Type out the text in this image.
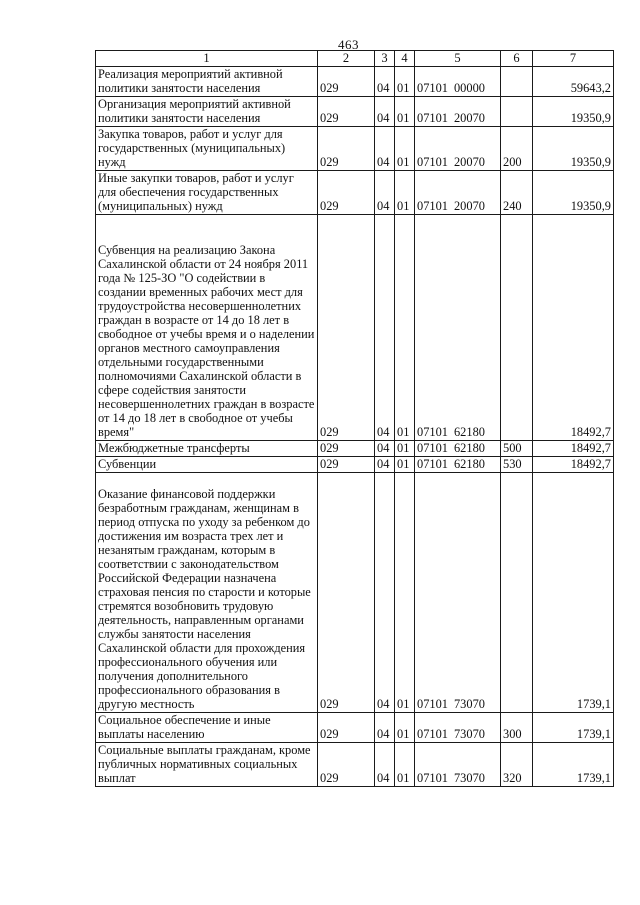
463
1	2	3	4	5	6	7
Реализация мероприятий активной политики занятости населения	029	04	01	07101 00000		59643,2
Организация мероприятий активной политики занятости населения	029	04	01	07101 20070		19350,9
Закупка товаров, работ и услуг для государственных (муниципальных) нужд	029	04	01	07101 20070	200	19350,9
Иные закупки товаров, работ и услуг для обеспечения государственных (муниципальных) нужд	029	04	01	07101 20070	240	19350,9
Субвенция на реализацию Закона Сахалинской области от 24 ноября 2011 года № 125-ЗО "О содействии в создании временных рабочих мест для трудоустройства несовершеннолетних граждан в возрасте от 14 до 18 лет в свободное от учебы время и о наделении органов местного самоуправления отдельными государственными полномочиями Сахалинской области в сфере содействия занятости несовершеннолетних граждан в возрасте от 14 до 18 лет в свободное от учебы время"	029	04	01	07101 62180		18492,7
Межбюджетные трансферты	029	04	01	07101 62180	500	18492,7
Субвенции	029	04	01	07101 62180	530	18492,7
Оказание финансовой поддержки безработным гражданам, женщинам в период отпуска по уходу за ребенком до достижения им возраста трех лет и незанятым гражданам, которым в соответствии с законодательством Российской Федерации назначена страховая пенсия по старости и которые стремятся возобновить трудовую деятельность, направленным органами службы занятости населения Сахалинской области для прохождения профессионального обучения или получения дополнительного профессионального образования в другую местность	029	04	01	07101 73070		1739,1
Социальное обеспечение и иные выплаты населению	029	04	01	07101 73070	300	1739,1
Социальные выплаты гражданам, кроме публичных нормативных социальных выплат	029	04	01	07101 73070	320	1739,1
